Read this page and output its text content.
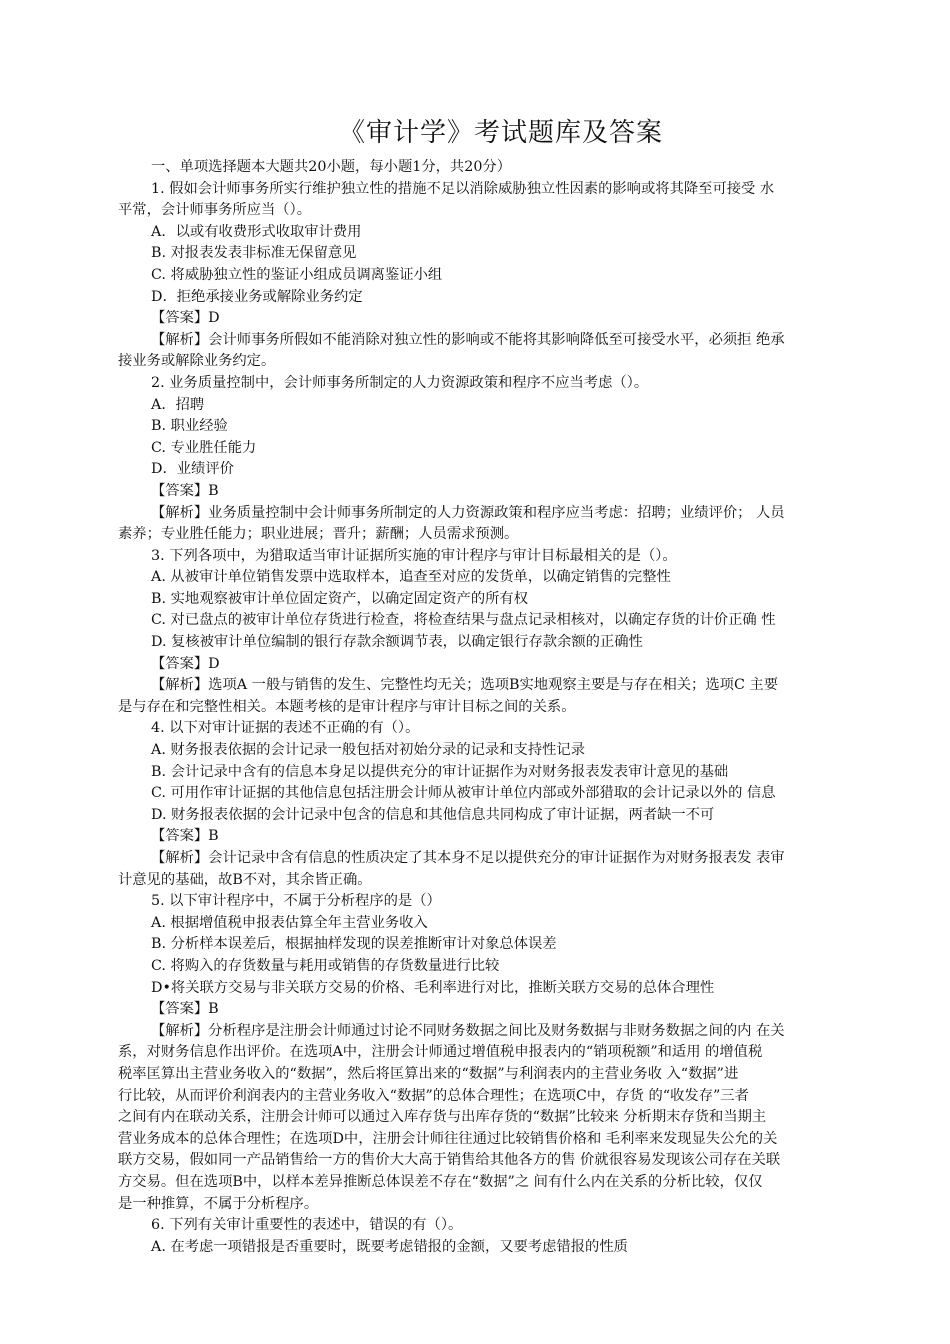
《审计学》考试题库及答案

一、单项选择题本大题共20小题，每小题1分，共20分）

1. 假如会计师事务所实行维护独立性的措施不足以消除威胁独立性因素的影响或将其降至可接受 水

平常，会计师事务所应当（）。

A．以或有收费形式收取审计费用

B. 对报表发表非标准无保留意见

C. 将威胁独立性的鉴证小组成员调离鉴证小组

D．拒绝承接业务或解除业务约定

【答案】D

【解析】会计师事务所假如不能消除对独立性的影响或不能将其影响降低至可接受水平，必须拒 绝承

接业务或解除业务约定。

2. 业务质量控制中，会计师事务所制定的人力资源政策和程序不应当考虑（）。

A．招聘

B. 职业经验

C. 专业胜任能力

D．业绩评价

【答案】B

【解析】业务质量控制中会计师事务所制定的人力资源政策和程序应当考虑：招聘；业绩评价； 人员

素养；专业胜任能力；职业进展；晋升；薪酬；人员需求预测。

3. 下列各项中，为猎取适当审计证据所实施的审计程序与审计目标最相关的是（）。

A. 从被审计单位销售发票中选取样本，追查至对应的发货单，以确定销售的完整性

B. 实地观察被审计单位固定资产，以确定固定资产的所有权

C. 对已盘点的被审计单位存货进行检查，将检查结果与盘点记录相核对，以确定存货的计价正确 性

D. 复核被审计单位编制的银行存款余额调节表，以确定银行存款余额的正确性

【答案】D

【解析】选项A 一般与销售的发生、完整性均无关；选项B实地观察主要是与存在相关；选项C 主要

是与存在和完整性相关。本题考核的是审计程序与审计目标之间的关系。

4. 以下对审计证据的表述不正确的有（）。

A. 财务报表依据的会计记录一般包括对初始分录的记录和支持性记录

B. 会计记录中含有的信息本身足以提供充分的审计证据作为对财务报表发表审计意见的基础

C. 可用作审计证据的其他信息包括注册会计师从被审计单位内部或外部猎取的会计记录以外的 信息

D. 财务报表依据的会计记录中包含的信息和其他信息共同构成了审计证据，两者缺一不可

【答案】B

【解析】会计记录中含有信息的性质决定了其本身不足以提供充分的审计证据作为对财务报表发 表审

计意见的基础，故B不对，其余皆正确。

5. 以下审计程序中，不属于分析程序的是（）

A. 根据增值税申报表估算全年主营业务收入

B. 分析样本误差后，根据抽样发现的误差推断审计对象总体误差

C. 将购入的存货数量与耗用或销售的存货数量进行比较

D•将关联方交易与非关联方交易的价格、毛利率进行对比，推断关联方交易的总体合理性

【答案】B

【解析】分析程序是注册会计师通过讨论不同财务数据之间比及财务数据与非财务数据之间的内 在关

系，对财务信息作出评价。在选项A中，注册会计师通过增值税申报表内的“销项税额”和适用 的增值税

税率匡算出主营业务收入的“数据”，然后将匡算出来的“数据”与利润表内的主营业务收 入“数据”进

行比较，从而评价利润表内的主营业务收入“数据”的总体合理性；在选项C中，存货 的“收发存”三者

之间有内在联动关系，注册会计师可以通过入库存货与出库存货的“数据”比较来 分析期末存货和当期主

营业务成本的总体合理性；在选项D中，注册会计师往往通过比较销售价格和 毛利率来发现显失公允的关

联方交易，假如同一产品销售给一方的售价大大高于销售给其他各方的售 价就很容易发现该公司存在关联

方交易。但在选项B中，以样本差异推断总体误差不存在“数据”之 间有什么内在关系的分析比较，仅仅

是一种推算，不属于分析程序。

6. 下列有关审计重要性的表述中，错误的有（）。

A. 在考虑一项错报是否重要时，既要考虑错报的金额，又要考虑错报的性质
